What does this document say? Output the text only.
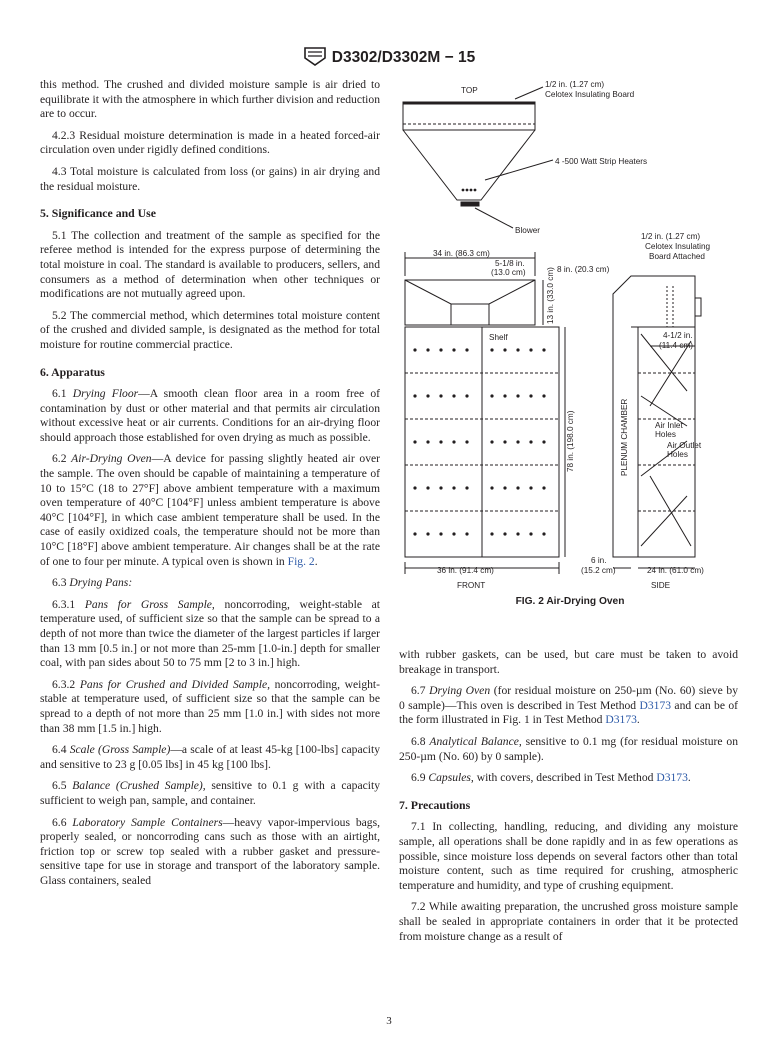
D3302/D3302M − 15

this method. The crushed and divided moisture sample is air dried to equilibrate it with the atmosphere in which further division and reduction are to occur.

4.2.3 Residual moisture determination is made in a heated forced-air circulation oven under rigidly defined conditions.

4.3 Total moisture is calculated from loss (or gains) in air drying and the residual moisture.

5. Significance and Use

5.1 The collection and treatment of the sample as specified for the referee method is intended for the express purpose of determining the total moisture in coal. The standard is available to producers, sellers, and consumers as a method of determination when other techniques or modifications are not mutually agreed upon.

5.2 The commercial method, which determines total moisture content of the crushed and divided sample, is designated as the method for total moisture for routine commercial practice.

6. Apparatus

6.1 Drying Floor—A smooth clean floor area in a room free of contamination by dust or other material and that permits air circulation without excessive heat or air currents. Conditions for an air-drying floor should approach those established for oven drying as much as possible.

6.2 Air-Drying Oven—A device for passing slightly heated air over the sample. The oven should be capable of maintaining a temperature of 10 to 15°C (18 to 27°F] above ambient temperature with a maximum oven temperature of 40°C [104°F] unless ambient temperature is above 40°C [104°F], in which case ambient temperature shall be used. In the case of easily oxidized coals, the temperature should not be more than 10°C [18°F] above ambient temperature. Air changes shall be at the rate of one to four per minute. A typical oven is shown in Fig. 2.

6.3 Drying Pans:

6.3.1 Pans for Gross Sample, noncorroding, weight-stable at temperature used, of sufficient size so that the sample can be spread to a depth of not more than twice the diameter of the largest particles if larger than 13 mm [0.5 in.] or not more than 25-mm [1.0-in.] depth for smaller coal, with pan sides about 50 to 75 mm [2 to 3 in.] high.

6.3.2 Pans for Crushed and Divided Sample, noncorroding, weight-stable at temperature used, of sufficient size so that the sample can be spread to a depth of not more than 25 mm [1.0 in.] with sides not more than 38 mm [1.5 in.] high.

6.4 Scale (Gross Sample)—a scale of at least 45-kg [100-lbs] capacity and sensitive to 23 g [0.05 lbs] in 45 kg [100 lbs].

6.5 Balance (Crushed Sample), sensitive to 0.1 g with a capacity sufficient to weigh pan, sample, and container.

6.6 Laboratory Sample Containers—heavy vapor-impervious bags, properly sealed, or noncorroding cans such as those with an airtight, friction top or screw top sealed with a rubber gasket and pressure-sensitive tape for use in storage and transport of the laboratory sample. Glass containers, sealed

TOP
1/2 in. (1.27 cm)
Celotex Insulating Board
4 -500 Watt Strip Heaters
Blower
34 in. (86.3 cm)
5-1/8 in.
(13.0 cm)	8 in. (20.3 cm)
13 in. (33.0 cm)
Shelf
78 in. (198.0 cm)
36 in. (91.4 cm)
FRONT
6 in.
(15.2 cm)
1/2 in. (1.27 cm)
Celotex Insulating
Board Attached
4-1/2 in.
(11.4 cm)
PLENUM CHAMBER	Air Inlet
Holes
Air Outlet
Holes
24 in. (61.0 cm)
SIDE
FIG. 2 Air-Drying Oven

with rubber gaskets, can be used, but care must be taken to avoid breakage in transport.

6.7 Drying Oven (for residual moisture on 250-µm (No. 60) sieve by 0 sample)—This oven is described in Test Method D3173 and can be of the form illustrated in Fig. 1 in Test Method D3173.

6.8 Analytical Balance, sensitive to 0.1 mg (for residual moisture on 250-µm (No. 60) by 0 sample).

6.9 Capsules, with covers, described in Test Method D3173.

7. Precautions

7.1 In collecting, handling, reducing, and dividing any moisture sample, all operations shall be done rapidly and in as few operations as possible, since moisture loss depends on several factors other than total moisture content, such as time required for crushing, atmospheric temperature and humidity, and type of crushing equipment.

7.2 While awaiting preparation, the uncrushed gross moisture sample shall be sealed in appropriate containers in order that it be protected from moisture change as a result of

3
